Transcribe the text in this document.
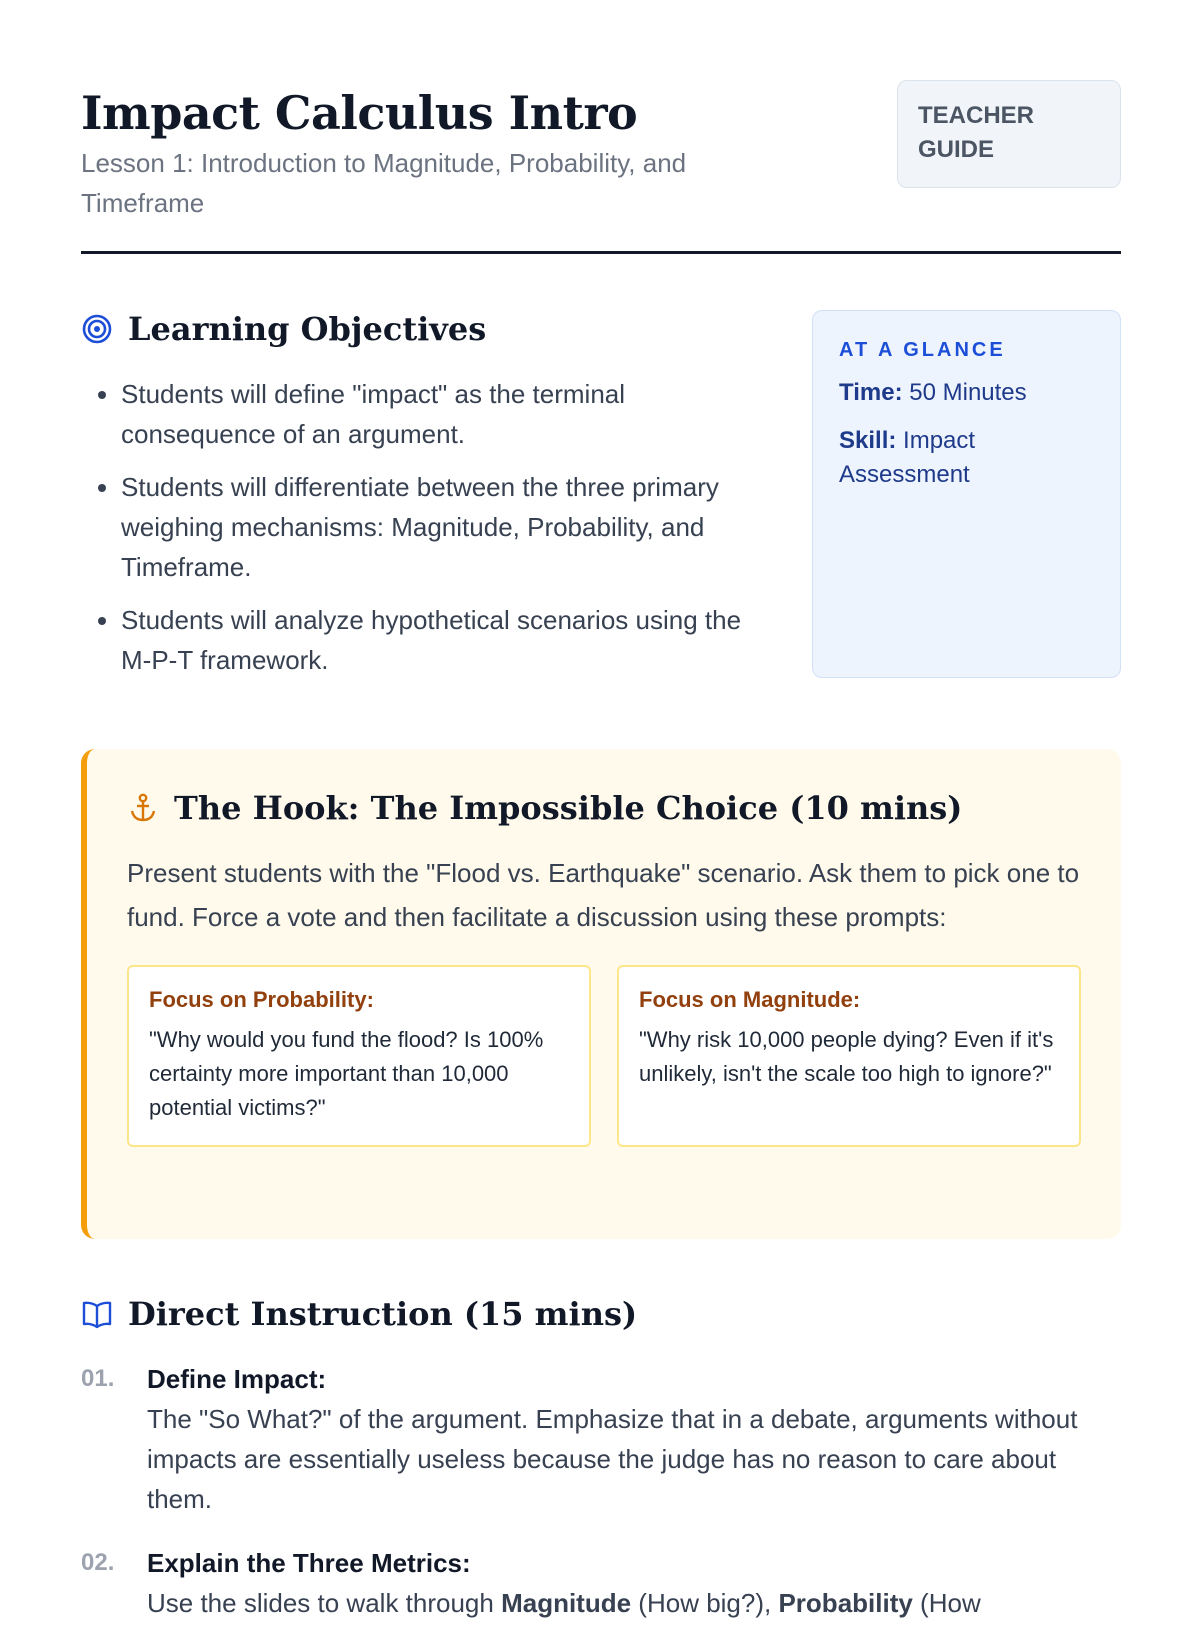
Impact Calculus Intro
Lesson 1: Introduction to Magnitude, Probability, and Timeframe
TEACHER
GUIDE
Learning Objectives
• Students will define "impact" as the terminal consequence of an argument.
• Students will differentiate between the three primary weighing mechanisms: Magnitude, Probability, and Timeframe.
• Students will analyze hypothetical scenarios using the M-P-T framework.
AT A GLANCE
Time: 50 Minutes
Skill: Impact Assessment
The Hook: The Impossible Choice (10 mins)

Present students with the "Flood vs. Earthquake" scenario. Ask them to pick one to fund. Force a vote and then facilitate a discussion using these prompts:

Focus on Probability:
"Why would you fund the flood? Is 100% certainty more important than 10,000 potential victims?"
Focus on Magnitude:
"Why risk 10,000 people dying? Even if it's unlikely, isn't the scale too high to ignore?"
Direct Instruction (15 mins)
01.	Define Impact:
The "So What?" of the argument. Emphasize that in a debate, arguments without impacts are essentially useless because the judge has no reason to care about them.
02.	Explain the Three Metrics:
Use the slides to walk through Magnitude (How big?), Probability (How
